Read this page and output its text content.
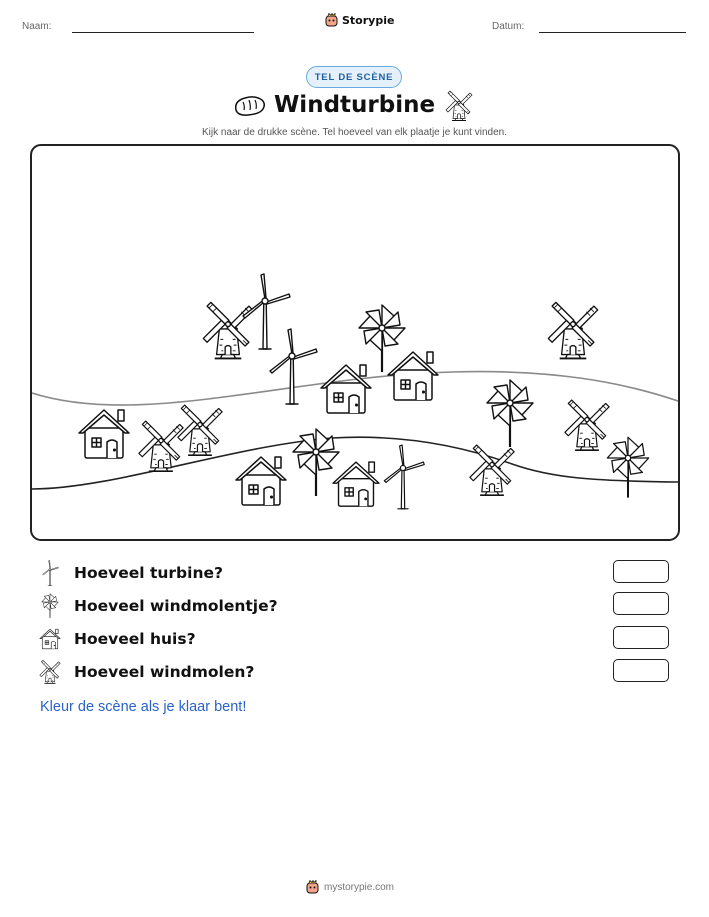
Naam:	Storypie	Datum:
TEL DE SCÈNE
Windturbine
Kijk naar de drukke scène. Tel hoeveel van elk plaatje je kunt vinden.
Hoeveel turbine?
Hoeveel windmolentje?
Hoeveel huis?
Hoeveel windmolen?
Kleur de scène als je klaar bent!
mystorypie.com
